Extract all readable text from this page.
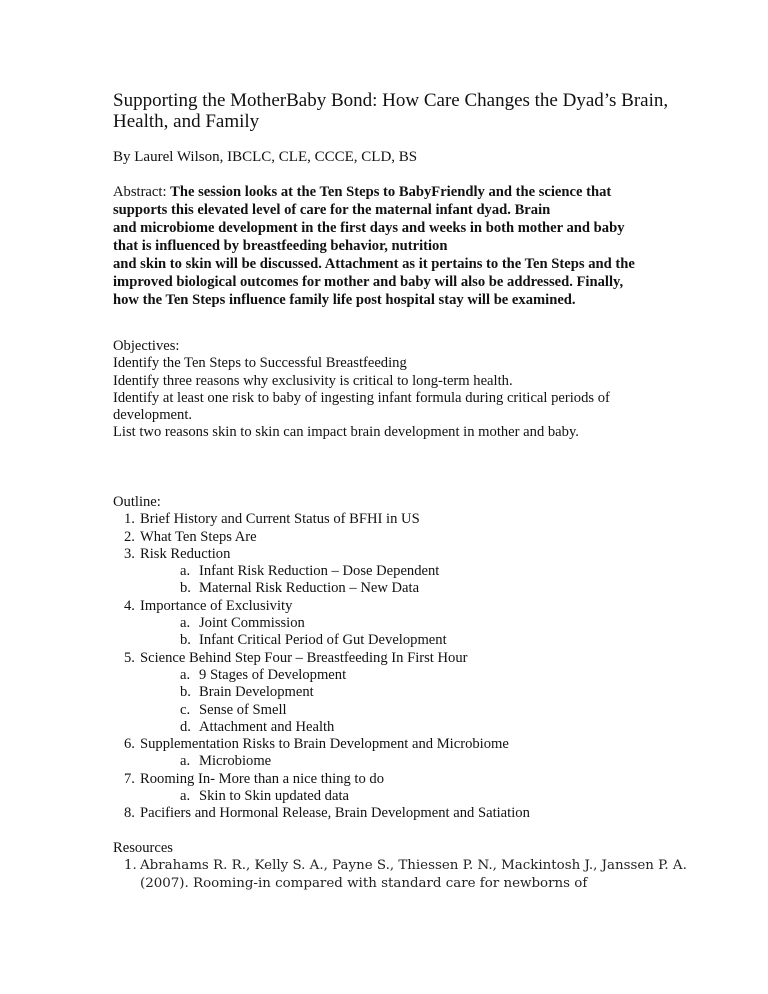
Supporting the MotherBaby Bond: How Care Changes the Dyad’s Brain,
Health, and Family
By Laurel Wilson, IBCLC, CLE, CCCE, CLD, BS
Abstract: The session looks at the Ten Steps to BabyFriendly and the science that
supports this elevated level of care for the maternal infant dyad. Brain
and microbiome development in the first days and weeks in both mother and baby
that is influenced by breastfeeding behavior, nutrition
and skin to skin will be discussed. Attachment as it pertains to the Ten Steps and the
improved biological outcomes for mother and baby will also be addressed. Finally,
how the Ten Steps influence family life post hospital stay will be examined.
Objectives:
Identify the Ten Steps to Successful Breastfeeding
Identify three reasons why exclusivity is critical to long-term health.
Identify at least one risk to baby of ingesting infant formula during critical periods of
development.
List two reasons skin to skin can impact brain development in mother and baby.
Outline:
1. Brief History and Current Status of BFHI in US
2. What Ten Steps Are
3. Risk Reduction
a. Infant Risk Reduction – Dose Dependent
b. Maternal Risk Reduction – New Data
4. Importance of Exclusivity
a. Joint Commission
b. Infant Critical Period of Gut Development
5. Science Behind Step Four – Breastfeeding In First Hour
a. 9 Stages of Development
b. Brain Development
c. Sense of Smell
d. Attachment and Health
6. Supplementation Risks to Brain Development and Microbiome
a. Microbiome
7. Rooming In- More than a nice thing to do
a. Skin to Skin updated data
8. Pacifiers and Hormonal Release, Brain Development and Satiation
Resources
1. Abrahams R. R., Kelly S. A., Payne S., Thiessen P. N., Mackintosh J., Janssen P. A. (2007). Rooming-in compared with standard care for newborns of
